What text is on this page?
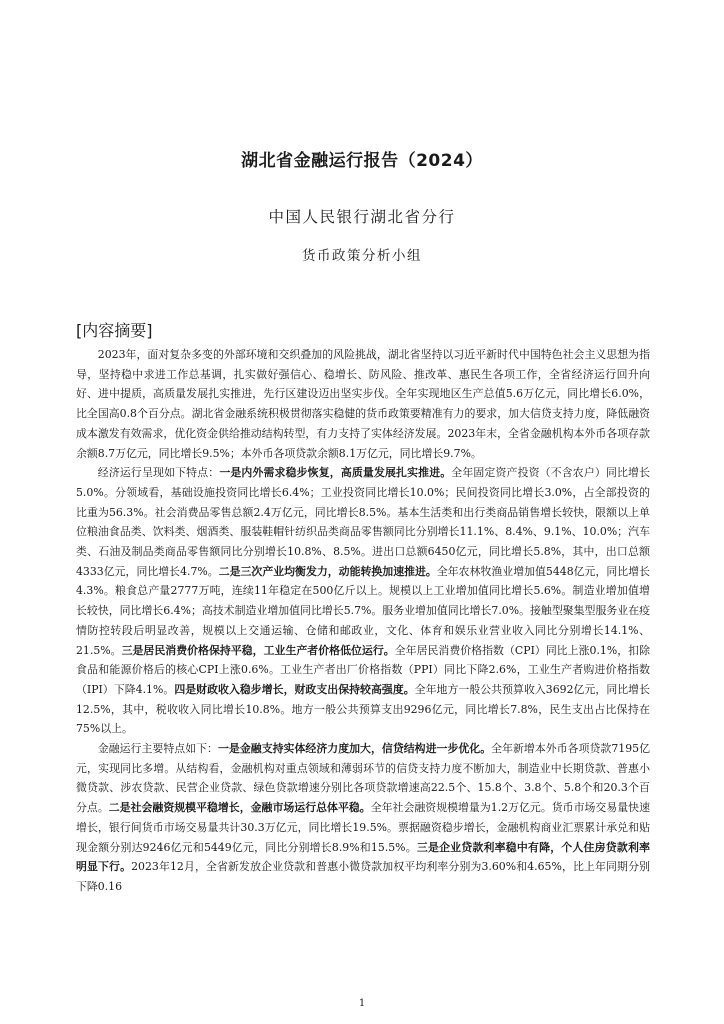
湖北省金融运行报告（2024）
中国人民银行湖北省分行
货币政策分析小组
[内容摘要]

2023年，面对复杂多变的外部环境和交织叠加的风险挑战，湖北省坚持以习近平新时代中国特色社会主义思想为指导，坚持稳中求进工作总基调，扎实做好强信心、稳增长、防风险、推改革、惠民生各项工作，全省经济运行回升向好、进中提质，高质量发展扎实推进，先行区建设迈出坚实步伐。全年实现地区生产总值5.6万亿元，同比增长6.0%，比全国高0.8个百分点。湖北省金融系统积极贯彻落实稳健的货币政策要精准有力的要求，加大信贷支持力度，降低融资成本激发有效需求，优化资金供给推动结构转型，有力支持了实体经济发展。2023年末，全省金融机构本外币各项存款余额8.7万亿元，同比增长9.5%；本外币各项贷款余额8.1万亿元，同比增长9.7%。

经济运行呈现如下特点：一是内外需求稳步恢复，高质量发展扎实推进。全年固定资产投资（不含农户）同比增长5.0%。分领域看，基础设施投资同比增长6.4%；工业投资同比增长10.0%；民间投资同比增长3.0%，占全部投资的比重为56.3%。社会消费品零售总额2.4万亿元，同比增长8.5%。基本生活类和出行类商品销售增长较快，限额以上单位粮油食品类、饮料类、烟酒类、服装鞋帽针纺织品类商品零售额同比分别增长11.1%、8.4%、9.1%、10.0%；汽车类、石油及制品类商品零售额同比分别增长10.8%、8.5%。进出口总额6450亿元，同比增长5.8%，其中，出口总额4333亿元，同比增长4.7%。二是三次产业均衡发力，动能转换加速推进。全年农林牧渔业增加值5448亿元，同比增长4.3%。粮食总产量2777万吨，连续11年稳定在500亿斤以上。规模以上工业增加值同比增长5.6%。制造业增加值增长较快，同比增长6.4%；高技术制造业增加值同比增长5.7%。服务业增加值同比增长7.0%。接触型聚集型服务业在疫情防控转段后明显改善，规模以上交通运输、仓储和邮政业，文化、体育和娱乐业营业收入同比分别增长14.1%、21.5%。三是居民消费价格保持平稳，工业生产者价格低位运行。全年居民消费价格指数（CPI）同比上涨0.1%，扣除食品和能源价格后的核心CPI上涨0.6%。工业生产者出厂价格指数（PPI）同比下降2.6%，工业生产者购进价格指数（IPI）下降4.1%。四是财政收入稳步增长，财政支出保持较高强度。全年地方一般公共预算收入3692亿元，同比增长12.5%，其中，税收收入同比增长10.8%。地方一般公共预算支出9296亿元，同比增长7.8%，民生支出占比保持在75%以上。

金融运行主要特点如下：一是金融支持实体经济力度加大，信贷结构进一步优化。全年新增本外币各项贷款7195亿元，实现同比多增。从结构看，金融机构对重点领域和薄弱环节的信贷支持力度不断加大，制造业中长期贷款、普惠小微贷款、涉农贷款、民营企业贷款、绿色贷款增速分别比各项贷款增速高22.5个、15.8个、3.8个、5.8个和20.3个百分点。二是社会融资规模平稳增长，金融市场运行总体平稳。全年社会融资规模增量为1.2万亿元。货币市场交易量快速增长，银行间货币市场交易量共计30.3万亿元，同比增长19.5%。票据融资稳步增长，金融机构商业汇票累计承兑和贴现金额分别达9246亿元和5449亿元，同比分别增长8.9%和15.5%。三是企业贷款利率稳中有降，个人住房贷款利率明显下行。2023年12月，全省新发放企业贷款和普惠小微贷款加权平均利率分别为3.60%和4.65%，比上年同期分别下降0.16

1
